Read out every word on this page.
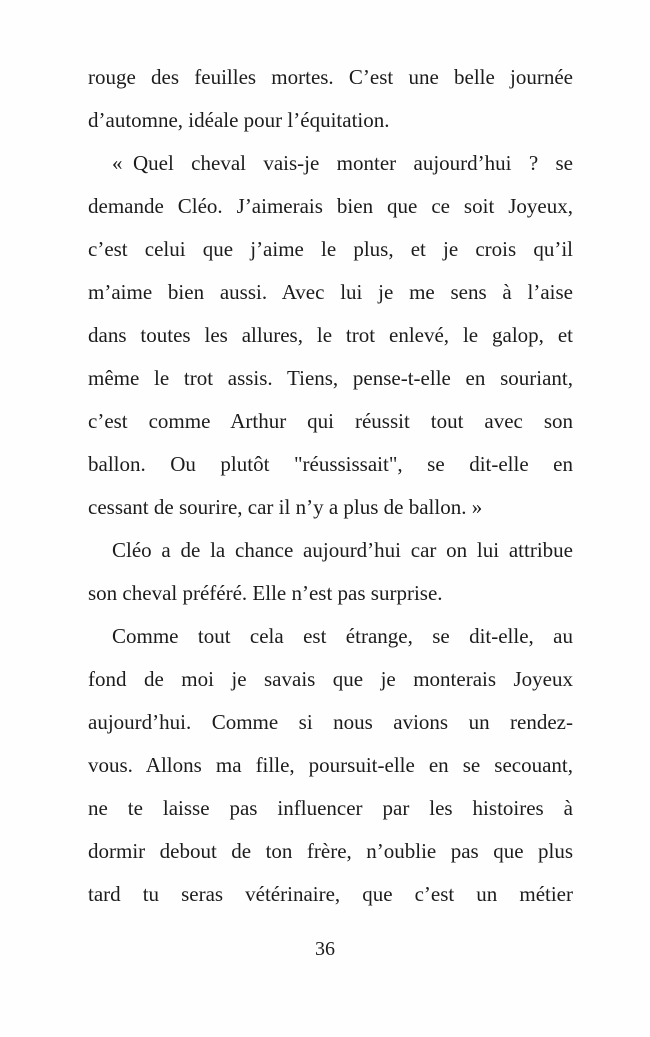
rouge des feuilles mortes. C’est une belle journée
d’automne, idéale pour l’équitation.
« Quel cheval vais-je monter aujourd’hui ? se
demande Cléo. J’aimerais bien que ce soit Joyeux,
c’est celui que j’aime le plus, et je crois qu’il
m’aime bien aussi. Avec lui je me sens à l’aise
dans toutes les allures, le trot enlevé, le galop, et
même le trot assis. Tiens, pense-t-elle en souriant,
c’est comme Arthur qui réussit tout avec son
ballon. Ou plutôt "réussissait", se dit-elle en
cessant de sourire, car il n’y a plus de ballon. »
Cléo a de la chance aujourd’hui car on lui attribue
son cheval préféré. Elle n’est pas surprise.
Comme tout cela est étrange, se dit-elle, au
fond de moi je savais que je monterais Joyeux
aujourd’hui. Comme si nous avions un rendez-
vous. Allons ma fille, poursuit-elle en se secouant,
ne te laisse pas influencer par les histoires à
dormir debout de ton frère, n’oublie pas que plus
tard tu seras vétérinaire, que c’est un métier
36
